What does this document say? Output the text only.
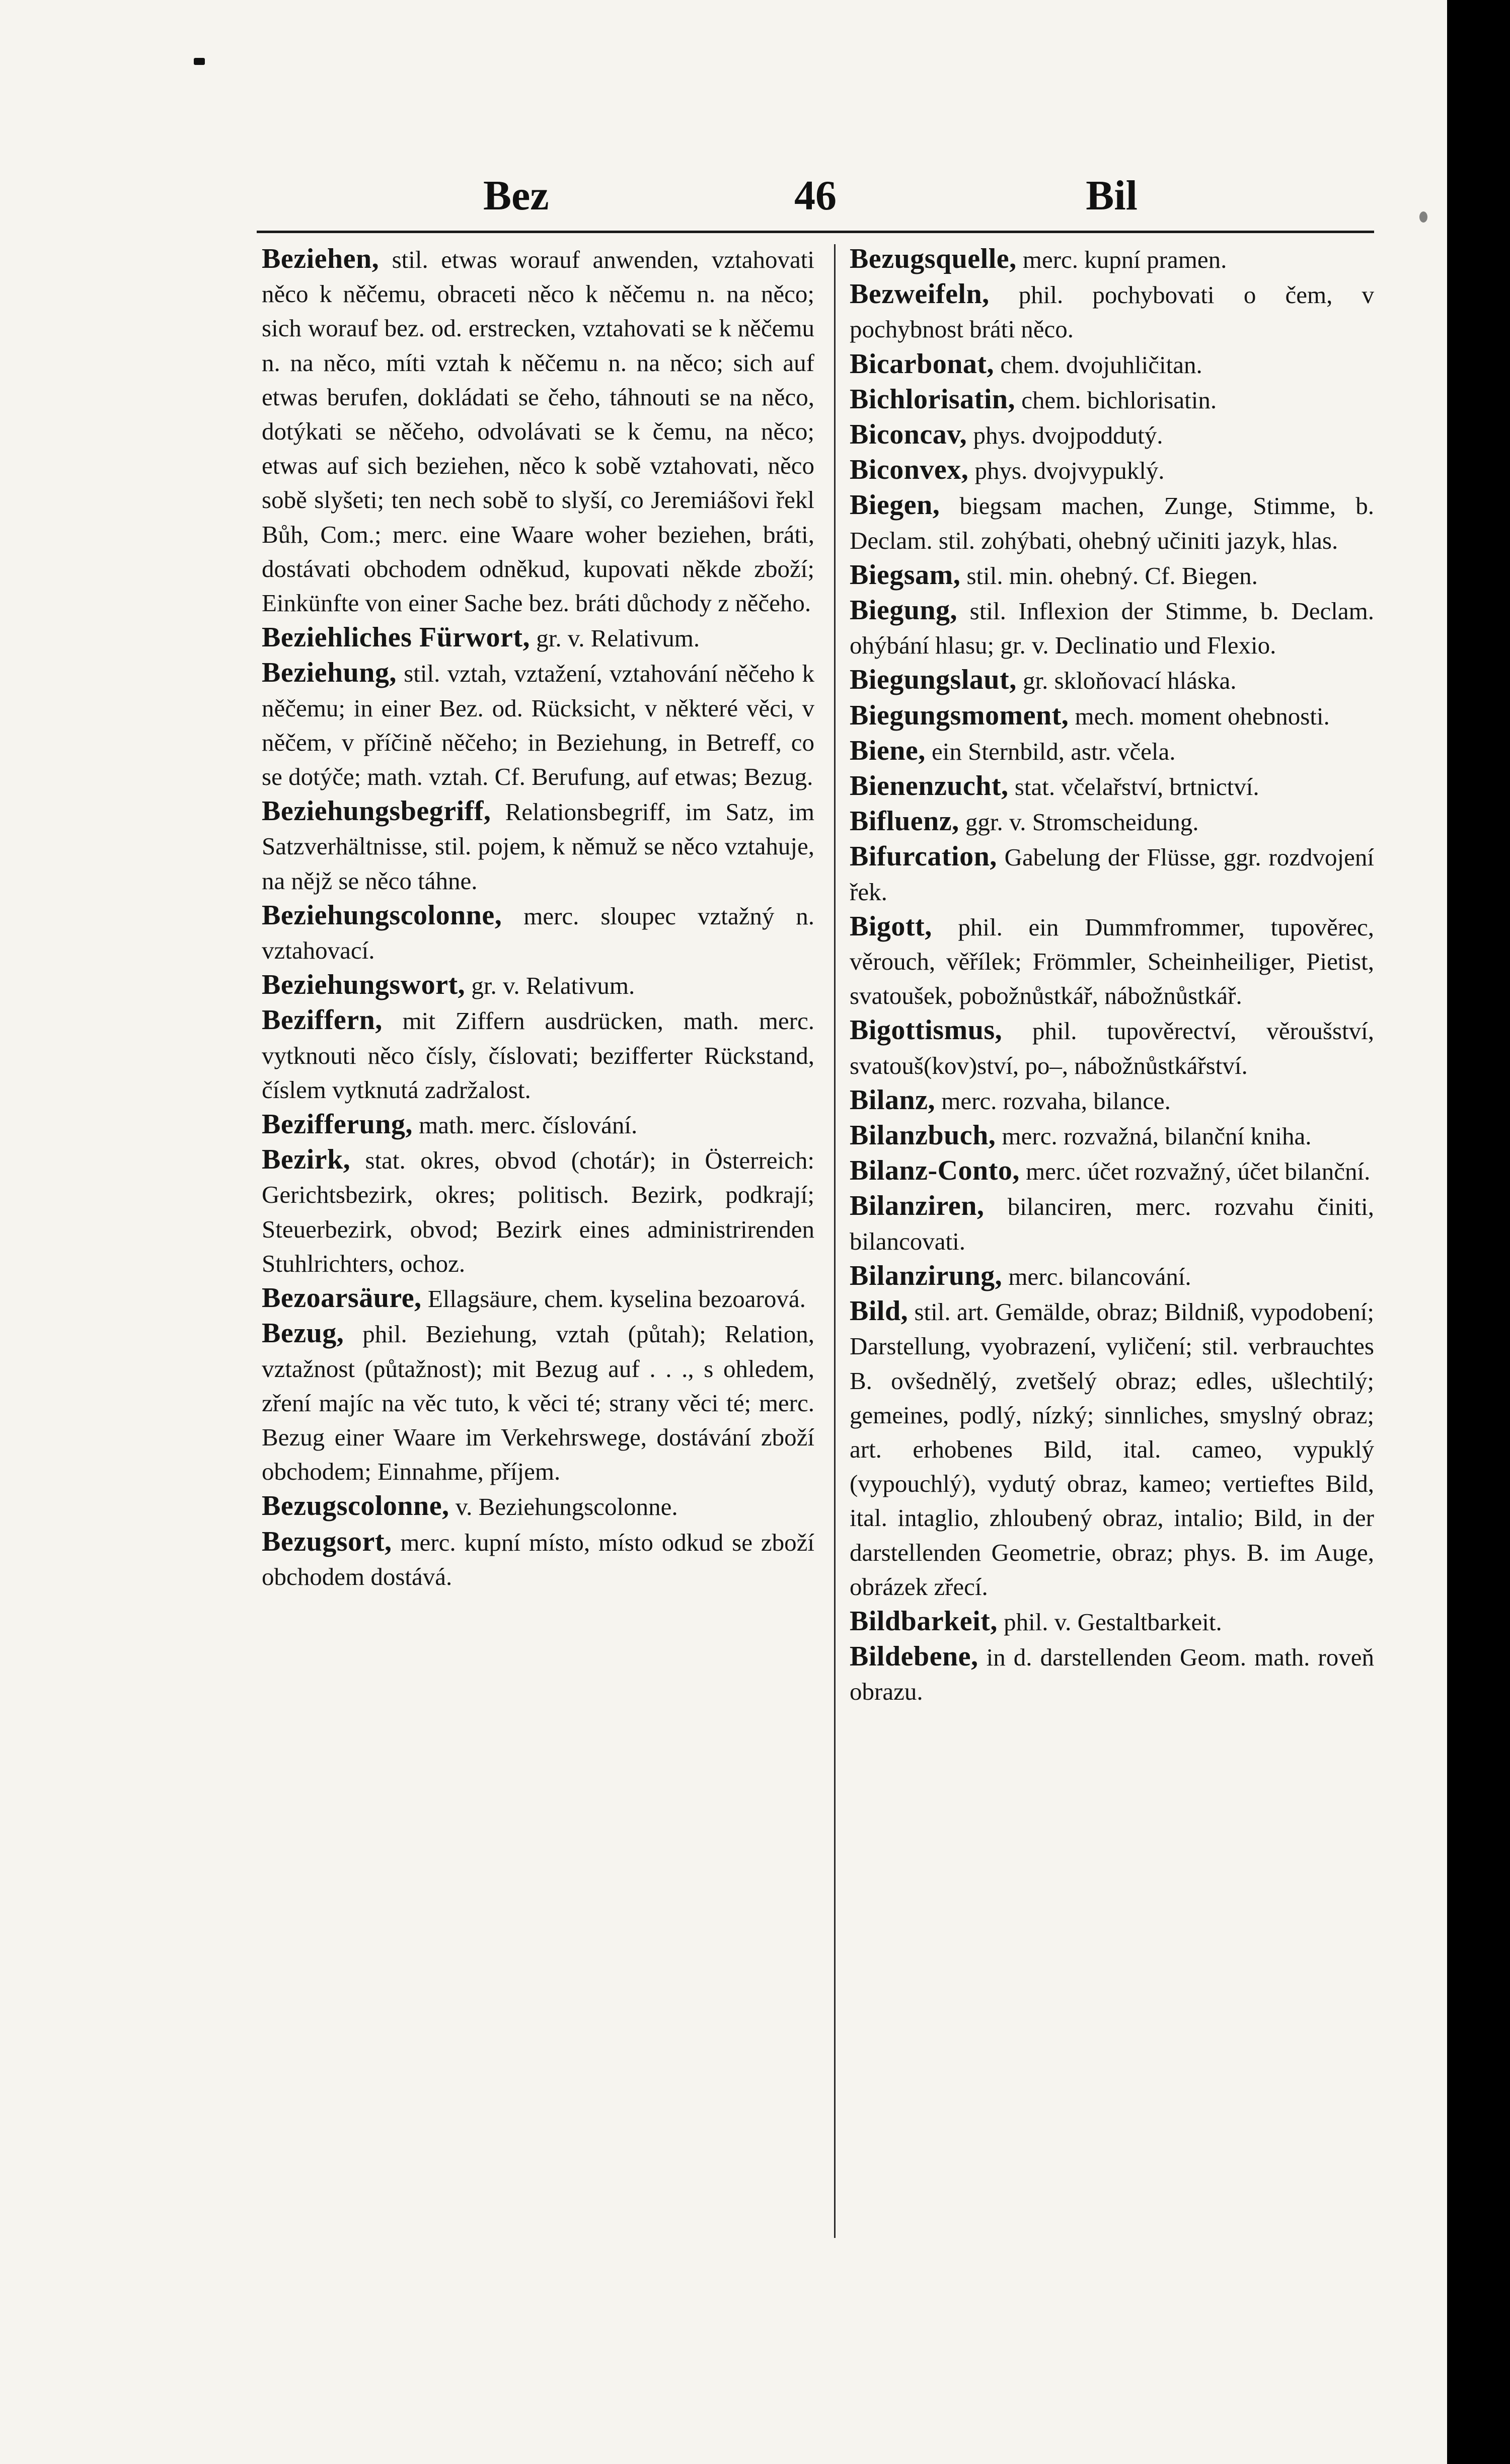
Bez	46	Bil

Beziehen, stil. etwas worauf anwenden, vztahovati něco k něčemu, obraceti něco k něčemu n. na něco; sich worauf bez. od. erstrecken, vztahovati se k něčemu n. na něco, míti vztah k něčemu n. na něco; sich auf etwas berufen, dokládati se čeho, táhnouti se na něco, dotýkati se něčeho, odvolávati se k čemu, na něco; etwas auf sich beziehen, něco k sobě vztahovati, něco sobě slyšeti; ten nech sobě to slyší, co Jeremiášovi řekl Bůh, Com.; merc. eine Waare woher beziehen, bráti, dostávati obchodem odněkud, kupovati někde zboží; Einkünfte von einer Sache bez. bráti důchody z něčeho.

Beziehliches Fürwort, gr. v. Relativum.

Beziehung, stil. vztah, vztažení, vztahování něčeho k něčemu; in einer Bez. od. Rücksicht, v některé věci, v něčem, v příčině něčeho; in Beziehung, in Betreff, co se dotýče; math. vztah. Cf. Berufung, auf etwas; Bezug.

Beziehungsbegriff, Relationsbegriff, im Satz, im Satzverhältnisse, stil. pojem, k němuž se něco vztahuje, na nějž se něco táhne.

Beziehungscolonne, merc. sloupec vztažný n. vztahovací.

Beziehungswort, gr. v. Relativum.

Beziffern, mit Ziffern ausdrücken, math. merc. vytknouti něco čísly, číslovati; bezifferter Rückstand, číslem vytknutá zadržalost.

Bezifferung, math. merc. číslování.

Bezirk, stat. okres, obvod (chotár); in Österreich: Gerichtsbezirk, okres; politisch. Bezirk, podkrají; Steuerbezirk, obvod; Bezirk eines administrirenden Stuhlrichters, ochoz.

Bezoarsäure, Ellagsäure, chem. kyselina bezoarová.

Bezug, phil. Beziehung, vztah (půtah); Relation, vztažnost (půtažnost); mit Bezug auf . . ., s ohledem, zření majíc na věc tuto, k věci té; strany věci té; merc. Bezug einer Waare im Verkehrswege, dostávání zboží obchodem; Einnahme, příjem.

Bezugscolonne, v. Beziehungscolonne.

Bezugsort, merc. kupní místo, místo odkud se zboží obchodem dostává.

Bezugsquelle, merc. kupní pramen.

Bezweifeln, phil. pochybovati o čem, v pochybnost bráti něco.

Bicarbonat, chem. dvojuhličitan.

Bichlorisatin, chem. bichlorisatin.

Biconcav, phys. dvojpoddutý.

Biconvex, phys. dvojvypuklý.

Biegen, biegsam machen, Zunge, Stimme, b. Declam. stil. zohýbati, ohebný učiniti jazyk, hlas.

Biegsam, stil. min. ohebný. Cf. Biegen.

Biegung, stil. Inflexion der Stimme, b. Declam. ohýbání hlasu; gr. v. Declinatio und Flexio.

Biegungslaut, gr. skloňovací hláska.

Biegungsmoment, mech. moment ohebnosti.

Biene, ein Sternbild, astr. včela.

Bienenzucht, stat. včelařství, brtnictví.

Bifluenz, ggr. v. Stromscheidung.

Bifurcation, Gabelung der Flüsse, ggr. rozdvojení řek.

Bigott, phil. ein Dummfrommer, tupověrec, věrouch, věřílek; Frömmler, Scheinheiliger, Pietist, svatoušek, pobožnůstkář, nábožnůstkář.

Bigottismus, phil. tupověrectví, věroušství, svatouš(kov)ství, po–, nábožnůstkářství.

Bilanz, merc. rozvaha, bilance.

Bilanzbuch, merc. rozvažná, bilanční kniha.

Bilanz-Conto, merc. účet rozvažný, účet bilanční.

Bilanziren, bilanciren, merc. rozvahu činiti, bilancovati.

Bilanzirung, merc. bilancování.

Bild, stil. art. Gemälde, obraz; Bildniß, vypodobení; Darstellung, vyobrazení, vyličení; stil. verbrauchtes B. ovšednělý, zvetšelý obraz; edles, ušlechtilý; gemeines, podlý, nízký; sinnliches, smyslný obraz; art. erhobenes Bild, ital. cameo, vypuklý (vypouchlý), vydutý obraz, kameo; vertieftes Bild, ital. intaglio, zhloubený obraz, intalio; Bild, in der darstellenden Geometrie, obraz; phys. B. im Auge, obrázek zřecí.

Bildbarkeit, phil. v. Gestaltbarkeit.

Bildebene, in d. darstellenden Geom. math. roveň obrazu.
